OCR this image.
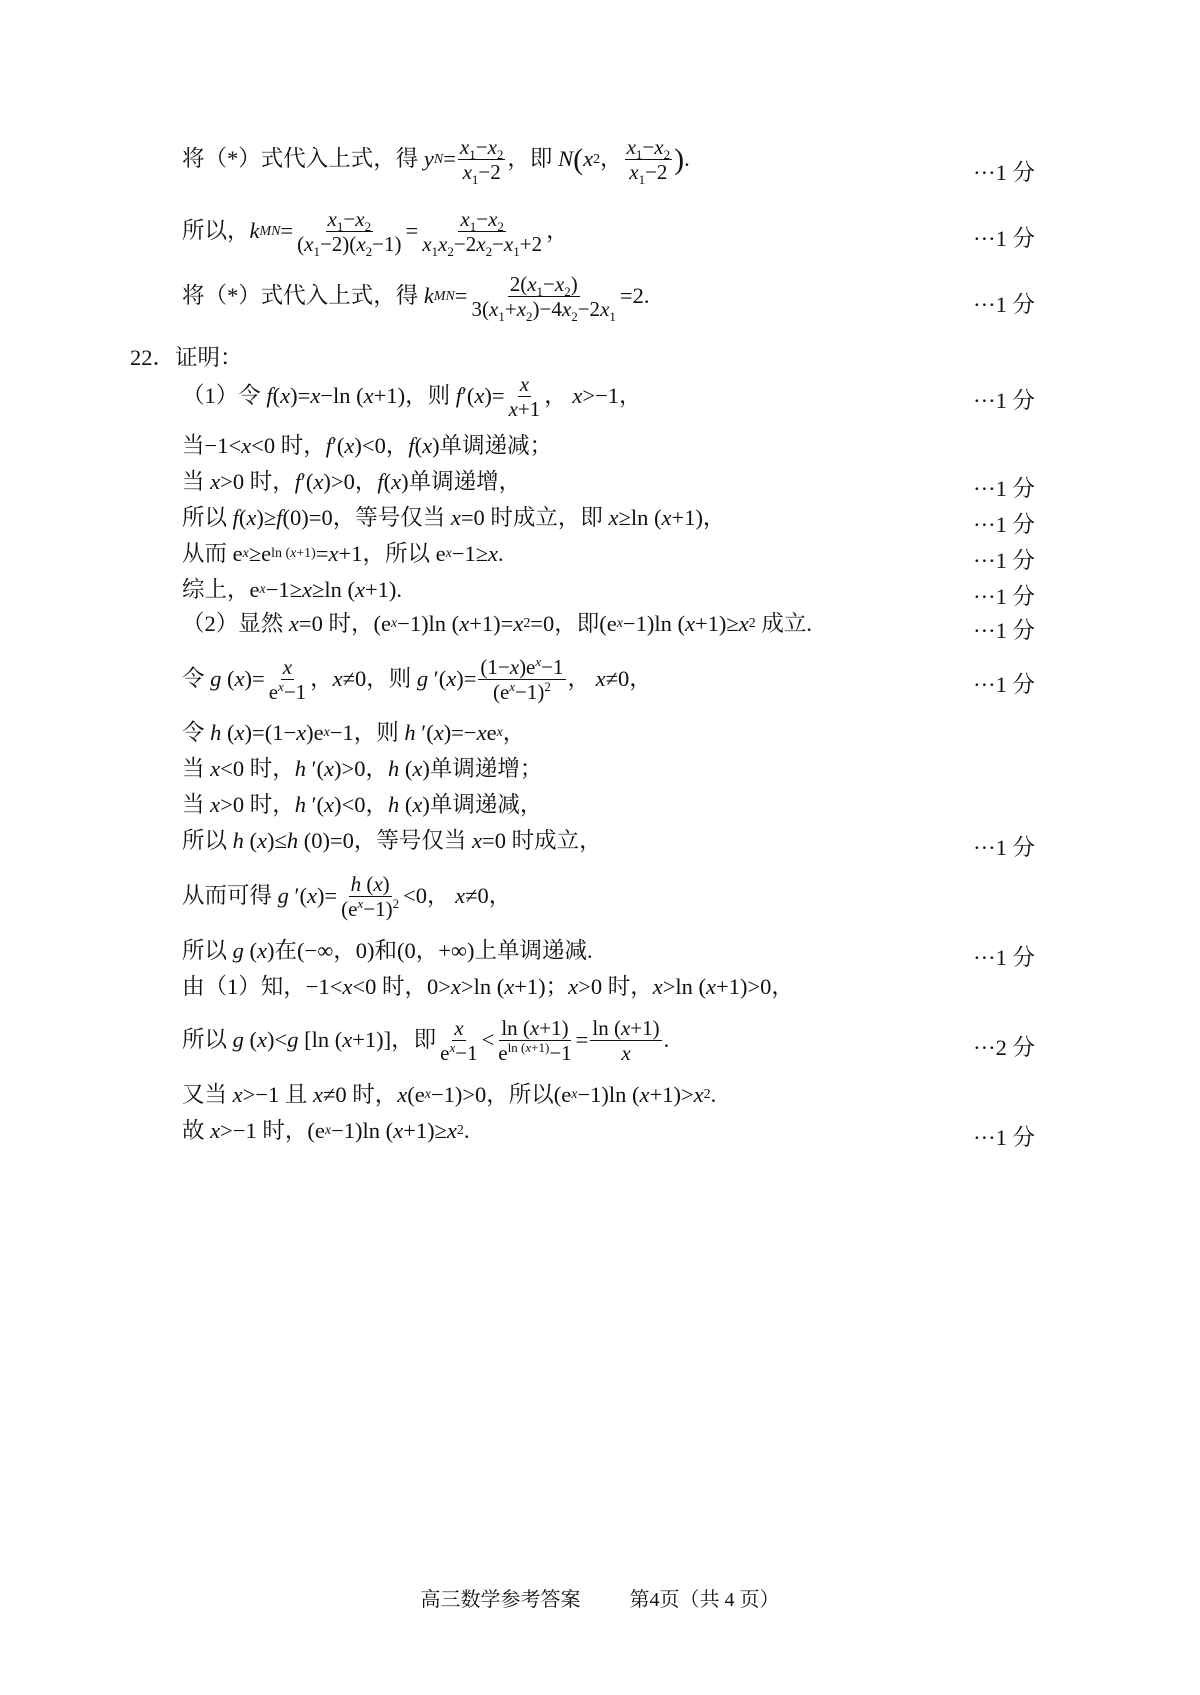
将（*）式代入上式，得 y $N = \frac{x_1-x_2}{x_1-2}$ ，即 N ( x 2 ， $\frac{x_1-x_2}{x_1-2}$ ) .
···1 分
所以， k MN = $\frac{x_1-x_2}{(x_1-2)(x_2-1)} = \frac{x_1-x_2}{x_1x_2-2x_2-x_1+2}$ ，	···1 分
将（*）式代入上式，得 k MN = $\frac{2(x_1-x_2)}{3(x_1+x_2)-4x_2-2x_1} =2$.	···1 分
22．证明：
（1）令 f ( x )= x −ln ( x +1)，则 f ′( x )= $\frac{x}{x+1}$ ， x >−1，	···1 分
当−1< x <0 时， f ′( x )<0， f ( x )单调递减；
当 x >0 时， f ′( x )>0， f ( x )单调递增，	···1 分
所以 f ( x )≥ f (0)=0，等号仅当 x =0 时成立，即 x ≥ln ( x +1)，	···1 分
从而 e x ≥e ln (x+1) = x +1，所以 e x −1≥ x .	···1 分
综上，e x −1≥ x ≥ln ( x +1).	···1 分
（2）显然 x =0 时，(e x −1)ln ( x +1)= x 2 =0，即(e x −1)ln ( x +1)≥ x 2 成立.	···1 分
令 g ( x )= $\frac{x}{e^x-1}$ ， x ≠0，则 g ′( x )= $\frac{(1-x)e^x-1}{(e^x-1)^2}$ ， x ≠0，	···1 分
令 h ( x )=(1− x )e x −1，则 h ′( x )=− x e x ，
当 x <0 时， h ′( x )>0， h ( x )单调递增；
当 x >0 时， h ′( x )<0， h ( x )单调递减，
所以 h ( x )≤ h (0)=0，等号仅当 x =0 时成立，	···1 分
从而可得 g ′( x )= $\frac{h (x)}{(e^x-1)^2} <0$， x ≠0，
所以 g ( x )在(−∞，0)和(0，+∞)上单调递减.	···1 分
由（1）知，−1< x <0 时，0> x >ln ( x +1)； x >0 时， x >ln ( x +1)>0，
所以 g ( x )< g [ln ( x +1)]，即 $\frac{x}{e^x-1} < \frac{\ln (x+1)}{e^{ln (x+1)}-1} = \frac{\ln (x+1)}{x}$ .	···2 分
又当 x >−1 且 x ≠0 时， x (e x −1)>0，所以(e x −1)ln ( x +1)> x 2 .
故 x >−1 时，(e x −1)ln ( x +1)≥ x 2 .	···1 分
高三数学参考答案 第4页（共 4 页）
